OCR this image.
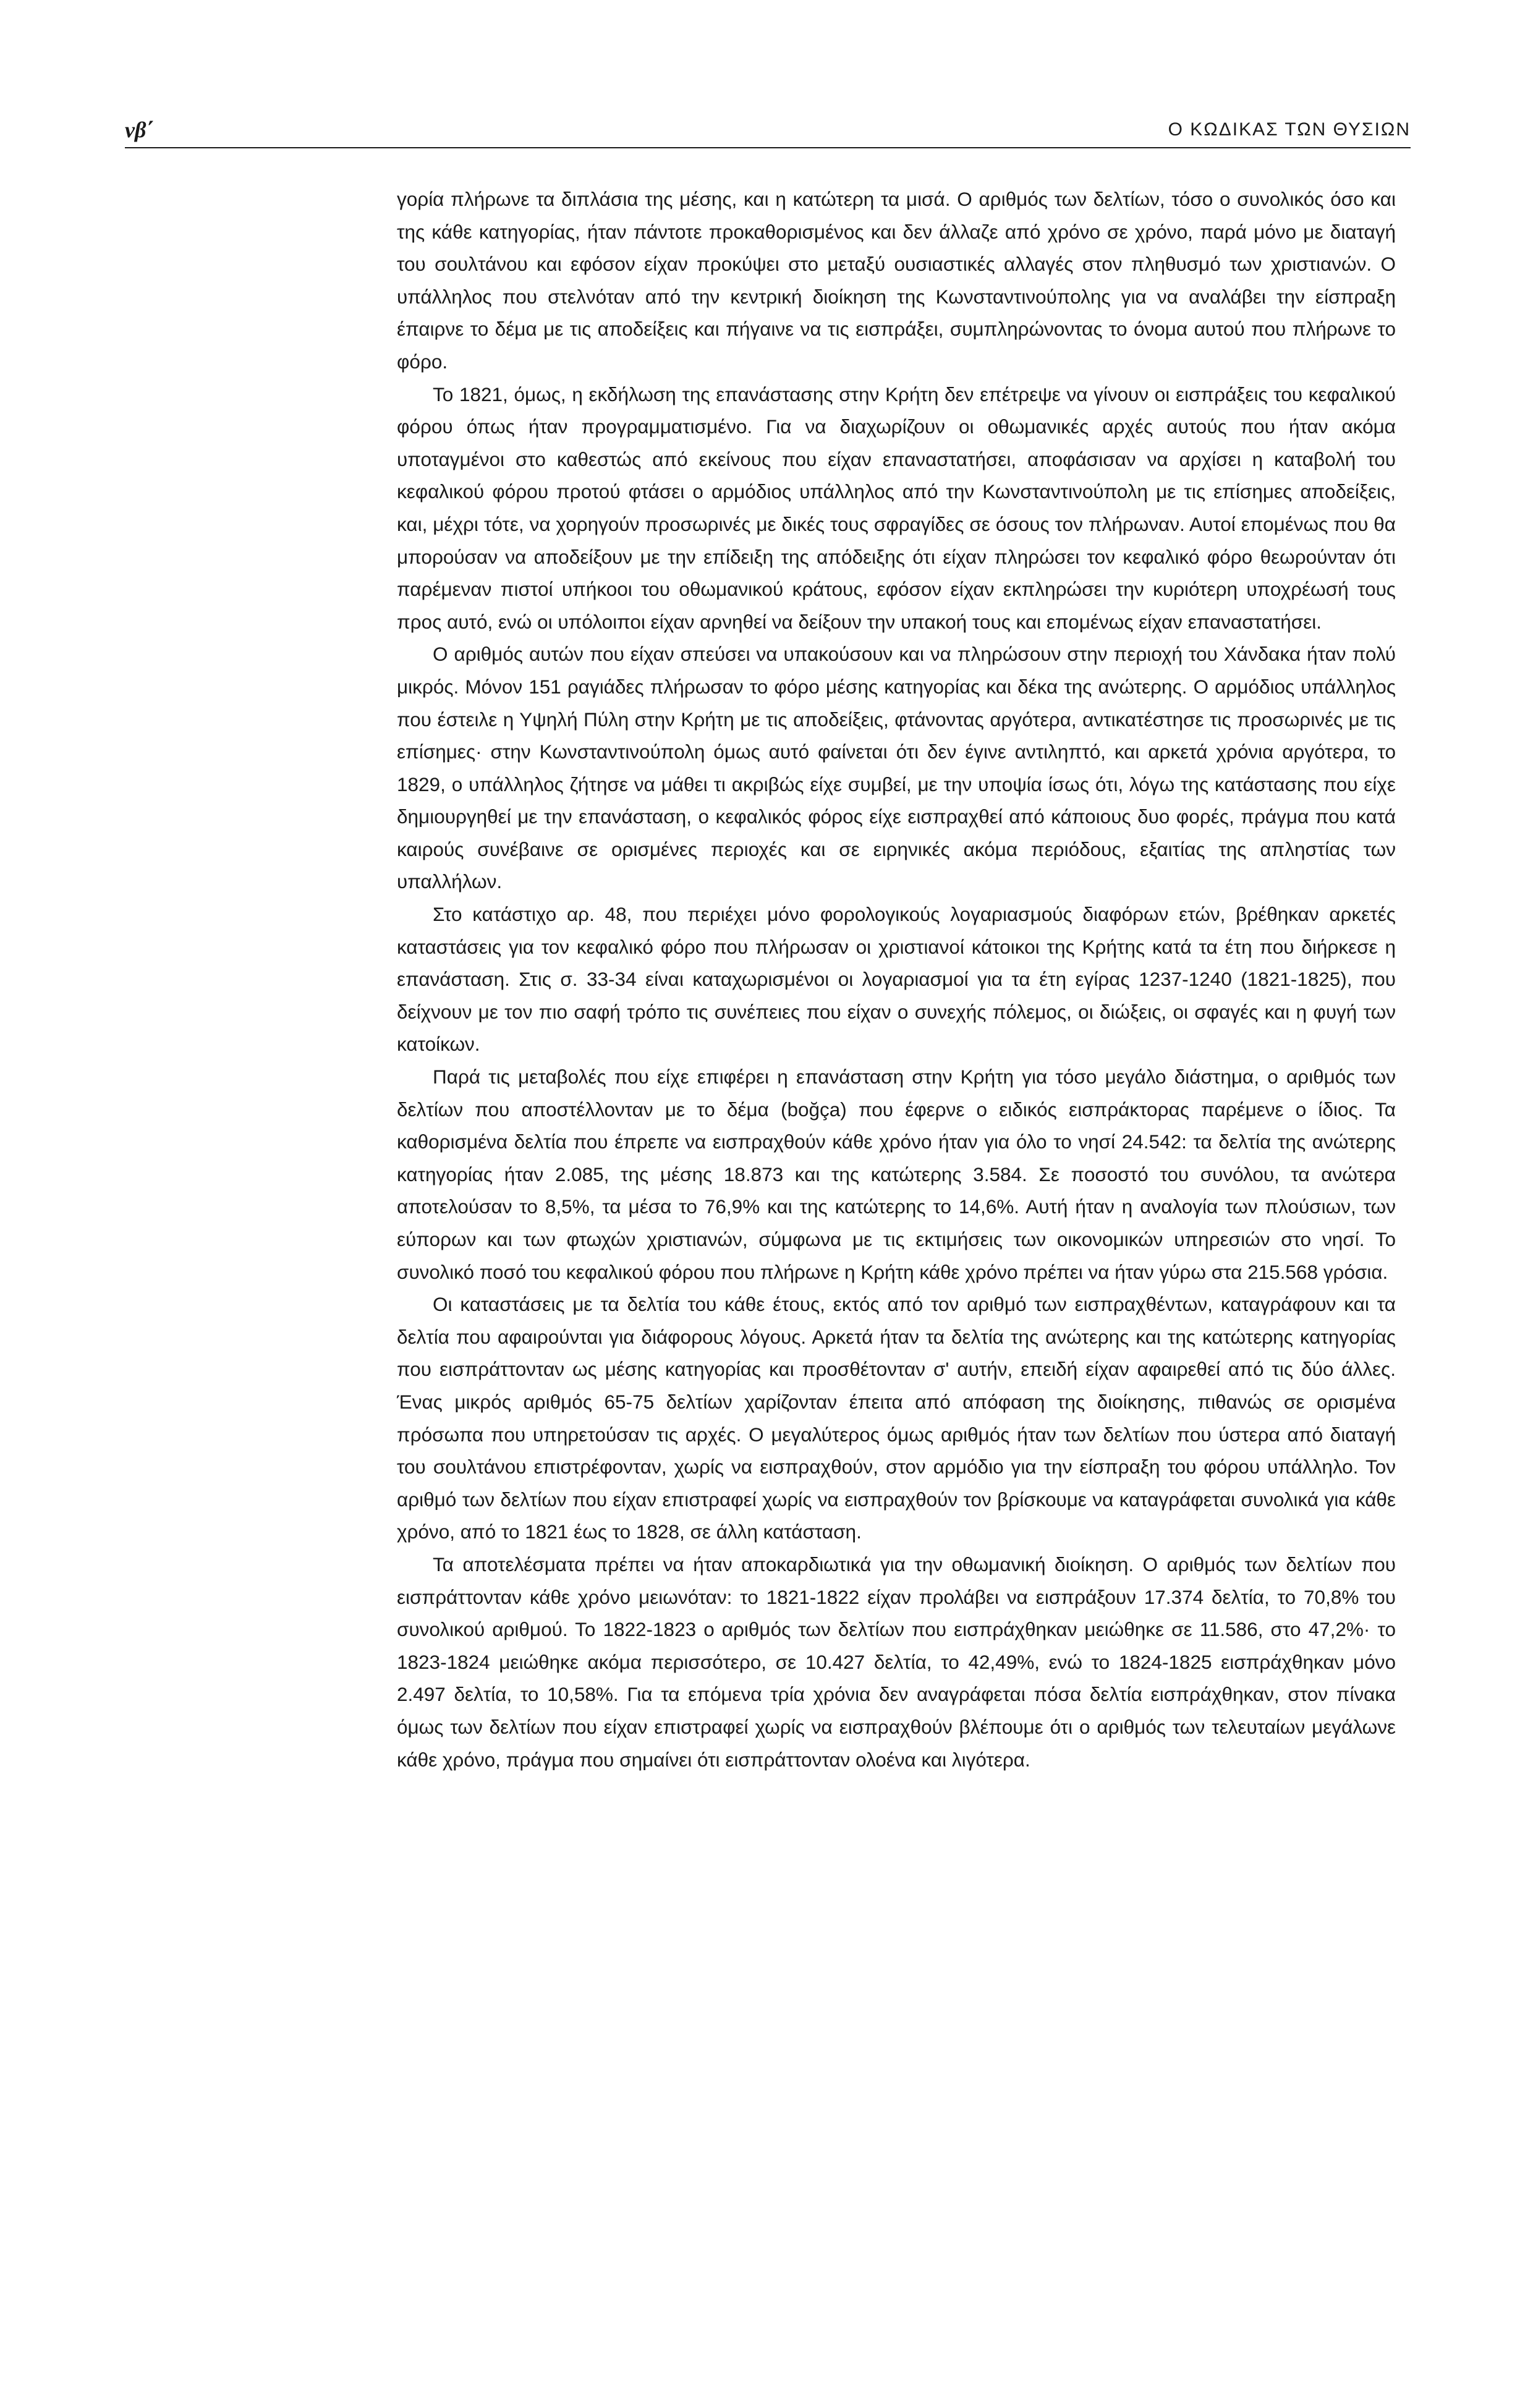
νβ΄	Ο ΚΩΔΙΚΑΣ ΤΩΝ ΘΥΣΙΩΝ

γορία πλήρωνε τα διπλάσια της μέσης, και η κατώτερη τα μισά. Ο αριθμός των δελτίων, τόσο ο συνολικός όσο και της κάθε κατηγορίας, ήταν πάντοτε προκαθορισμένος και δεν άλλαζε από χρόνο σε χρόνο, παρά μόνο με διαταγή του σουλτάνου και εφόσον είχαν προκύψει στο μεταξύ ουσιαστικές αλλαγές στον πληθυσμό των χριστιανών. Ο υπάλληλος που στελνόταν από την κεντρική διοίκηση της Κωνσταντινούπολης για να αναλάβει την είσπραξη έπαιρνε το δέμα με τις αποδείξεις και πήγαινε να τις εισπράξει, συμπληρώνοντας το όνομα αυτού που πλήρωνε το φόρο.

Το 1821, όμως, η εκδήλωση της επανάστασης στην Κρήτη δεν επέτρεψε να γίνουν οι εισπράξεις του κεφαλικού φόρου όπως ήταν προγραμματισμένο. Για να διαχωρίζουν οι οθωμανικές αρχές αυτούς που ήταν ακόμα υποταγμένοι στο καθεστώς από εκείνους που είχαν επαναστατήσει, αποφάσισαν να αρχίσει η καταβολή του κεφαλικού φόρου προτού φτάσει ο αρμόδιος υπάλληλος από την Κωνσταντινούπολη με τις επίσημες αποδείξεις, και, μέχρι τότε, να χορηγούν προσωρινές με δικές τους σφραγίδες σε όσους τον πλήρωναν. Αυτοί επομένως που θα μπορούσαν να αποδείξουν με την επίδειξη της απόδειξης ότι είχαν πληρώσει τον κεφαλικό φόρο θεωρούνταν ότι παρέμεναν πιστοί υπήκοοι του οθωμανικού κράτους, εφόσον είχαν εκπληρώσει την κυριότερη υποχρέωσή τους προς αυτό, ενώ οι υπόλοιποι είχαν αρνηθεί να δείξουν την υπακοή τους και επομένως είχαν επαναστατήσει.

Ο αριθμός αυτών που είχαν σπεύσει να υπακούσουν και να πληρώσουν στην περιοχή του Χάνδακα ήταν πολύ μικρός. Μόνον 151 ραγιάδες πλήρωσαν το φόρο μέσης κατηγορίας και δέκα της ανώτερης. Ο αρμόδιος υπάλληλος που έστειλε η Υψηλή Πύλη στην Κρήτη με τις αποδείξεις, φτάνοντας αργότερα, αντικατέστησε τις προσωρινές με τις επίσημες· στην Κωνσταντινούπολη όμως αυτό φαίνεται ότι δεν έγινε αντιληπτό, και αρκετά χρόνια αργότερα, το 1829, ο υπάλληλος ζήτησε να μάθει τι ακριβώς είχε συμβεί, με την υποψία ίσως ότι, λόγω της κατάστασης που είχε δημιουργηθεί με την επανάσταση, ο κεφαλικός φόρος είχε εισπραχθεί από κάποιους δυο φορές, πράγμα που κατά καιρούς συνέβαινε σε ορισμένες περιοχές και σε ειρηνικές ακόμα περιόδους, εξαιτίας της απληστίας των υπαλλήλων.

Στο κατάστιχο αρ. 48, που περιέχει μόνο φορολογικούς λογαριασμούς διαφόρων ετών, βρέθηκαν αρκετές καταστάσεις για τον κεφαλικό φόρο που πλήρωσαν οι χριστιανοί κάτοικοι της Κρήτης κατά τα έτη που διήρκεσε η επανάσταση. Στις σ. 33-34 είναι καταχωρισμένοι οι λογαριασμοί για τα έτη εγίρας 1237-1240 (1821-1825), που δείχνουν με τον πιο σαφή τρόπο τις συνέπειες που είχαν ο συνεχής πόλεμος, οι διώξεις, οι σφαγές και η φυγή των κατοίκων.

Παρά τις μεταβολές που είχε επιφέρει η επανάσταση στην Κρήτη για τόσο μεγάλο διάστημα, ο αριθμός των δελτίων που αποστέλλονταν με το δέμα (boğça) που έφερνε ο ειδικός εισπράκτορας παρέμενε ο ίδιος. Τα καθορισμένα δελτία που έπρεπε να εισπραχθούν κάθε χρόνο ήταν για όλο το νησί 24.542: τα δελτία της ανώτερης κατηγορίας ήταν 2.085, της μέσης 18.873 και της κατώτερης 3.584. Σε ποσοστό του συνόλου, τα ανώτερα αποτελούσαν το 8,5%, τα μέσα το 76,9% και της κατώτερης το 14,6%. Αυτή ήταν η αναλογία των πλούσιων, των εύπορων και των φτωχών χριστιανών, σύμφωνα με τις εκτιμήσεις των οικονομικών υπηρεσιών στο νησί. Το συνολικό ποσό του κεφαλικού φόρου που πλήρωνε η Κρήτη κάθε χρόνο πρέπει να ήταν γύρω στα 215.568 γρόσια.

Οι καταστάσεις με τα δελτία του κάθε έτους, εκτός από τον αριθμό των εισπραχθέντων, καταγράφουν και τα δελτία που αφαιρούνται για διάφορους λόγους. Αρκετά ήταν τα δελτία της ανώτερης και της κατώτερης κατηγορίας που εισπράττονταν ως μέσης κατηγορίας και προσθέτονταν σ' αυτήν, επειδή είχαν αφαιρεθεί από τις δύο άλλες. Ένας μικρός αριθμός 65-75 δελτίων χαρίζονταν έπειτα από απόφαση της διοίκησης, πιθανώς σε ορισμένα πρόσωπα που υπηρετούσαν τις αρχές. Ο μεγαλύτερος όμως αριθμός ήταν των δελτίων που ύστερα από διαταγή του σουλτάνου επιστρέφονταν, χωρίς να εισπραχθούν, στον αρμόδιο για την είσπραξη του φόρου υπάλληλο. Τον αριθμό των δελτίων που είχαν επιστραφεί χωρίς να εισπραχθούν τον βρίσκουμε να καταγράφεται συνολικά για κάθε χρόνο, από το 1821 έως το 1828, σε άλλη κατάσταση.

Τα αποτελέσματα πρέπει να ήταν αποκαρδιωτικά για την οθωμανική διοίκηση. Ο αριθμός των δελτίων που εισπράττονταν κάθε χρόνο μειωνόταν: το 1821-1822 είχαν προλάβει να εισπράξουν 17.374 δελτία, το 70,8% του συνολικού αριθμού. Το 1822-1823 ο αριθμός των δελτίων που εισπράχθηκαν μειώθηκε σε 11.586, στο 47,2%· το 1823-1824 μειώθηκε ακόμα περισσότερο, σε 10.427 δελτία, το 42,49%, ενώ το 1824-1825 εισπράχθηκαν μόνο 2.497 δελτία, το 10,58%. Για τα επόμενα τρία χρόνια δεν αναγράφεται πόσα δελτία εισπράχθηκαν, στον πίνακα όμως των δελτίων που είχαν επιστραφεί χωρίς να εισπραχθούν βλέπουμε ότι ο αριθμός των τελευταίων μεγάλωνε κάθε χρόνο, πράγμα που σημαίνει ότι εισπράττονταν ολοένα και λιγότερα.
